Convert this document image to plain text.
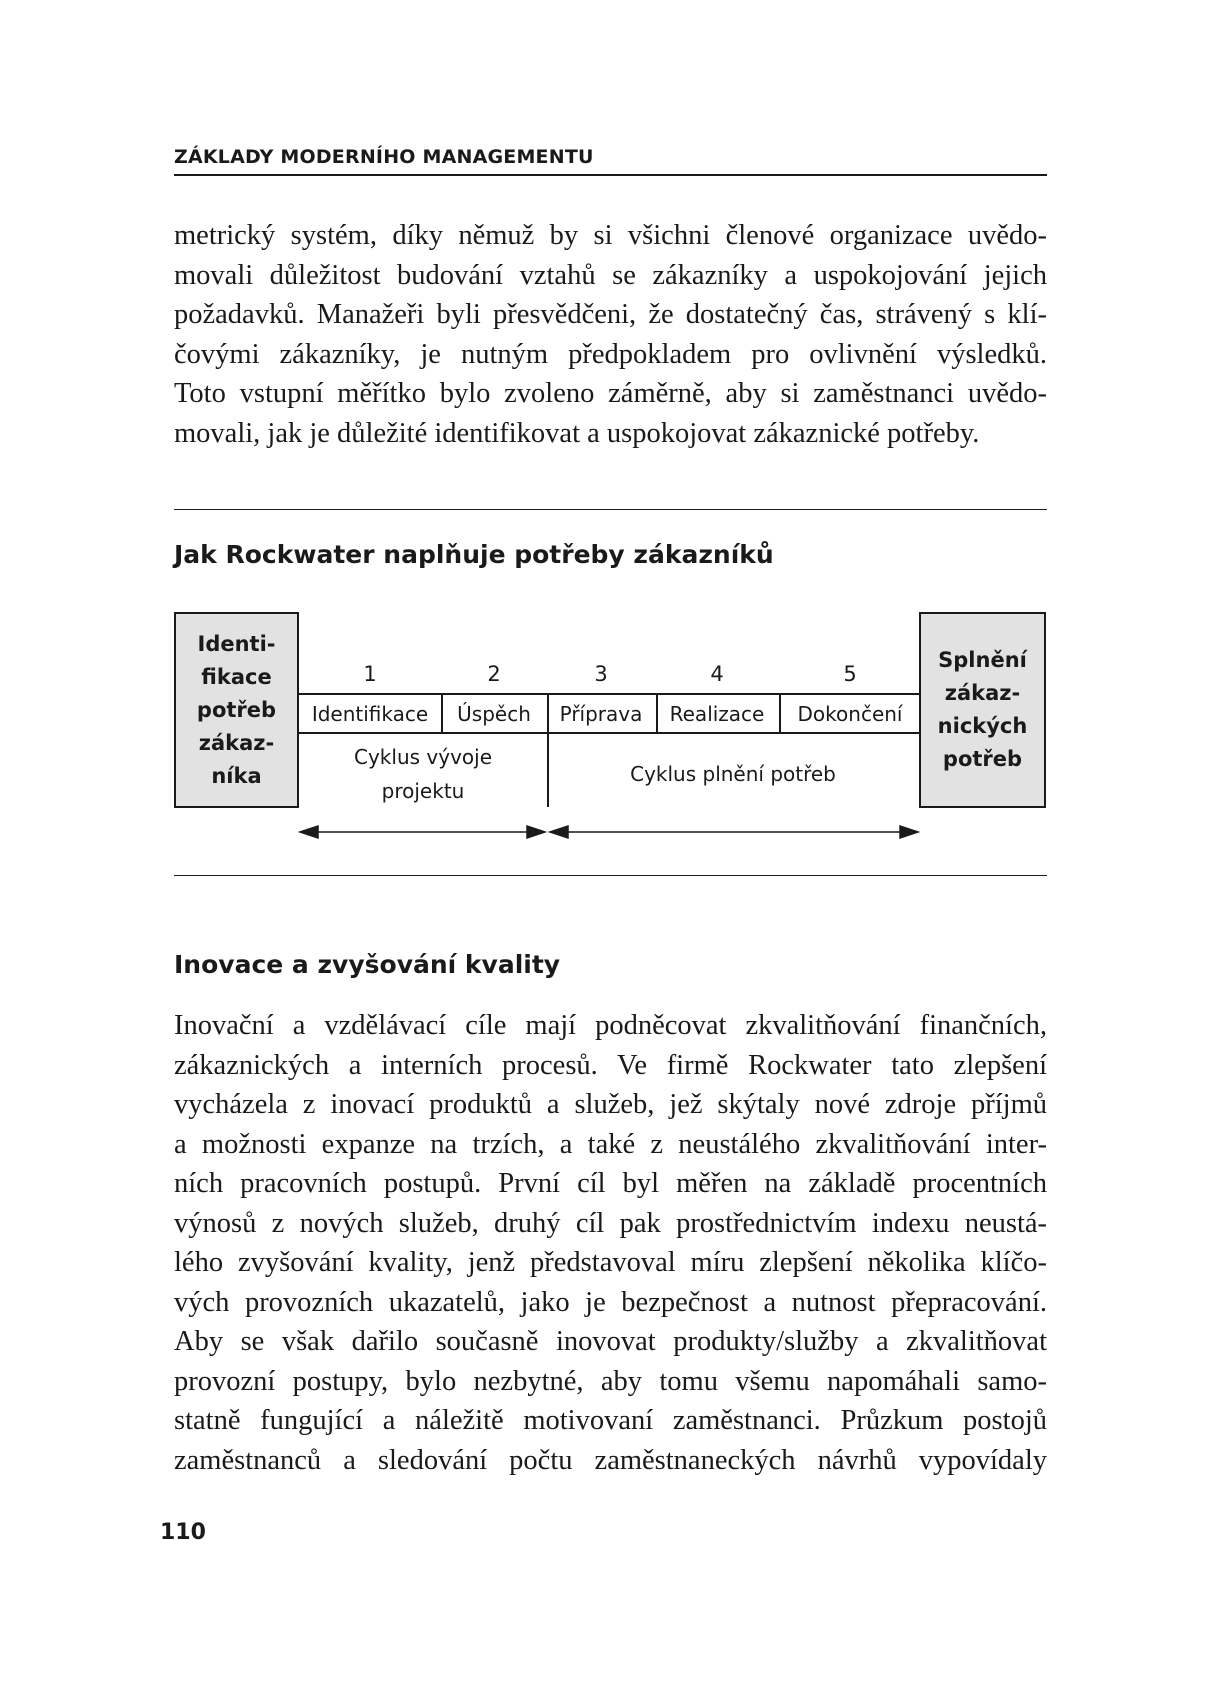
ZÁKLADY MODERNÍHO MANAGEMENTU

metrický systém, díky němuž by si všichni členové organizace uvědo-
movali důležitost budování vztahů se zákazníky a uspokojování jejich
požadavků. Manažeři byli přesvědčeni, že dostatečný čas, strávený s klí-
čovými zákazníky, je nutným předpokladem pro ovlivnění výsledků.
Toto vstupní měřítko bylo zvoleno záměrně, aby si zaměstnanci uvědo-
movali, jak je důležité identifikovat a uspokojovat zákaznické potřeby.

Jak Rockwater naplňuje potřeby zákazníků
Identi-
fikace
potřeb
zákaz-
níka
Splnění
zákaz-
nických
potřeb
1	2	3	4	5
Identifikace Úspěch Příprava Realizace Dokončení
Cyklus vývoje
projektu
Cyklus plnění potřeb
Inovace a zvyšování kvality

Inovační a vzdělávací cíle mají podněcovat zkvalitňování finančních,
zákaznických a interních procesů. Ve firmě Rockwater tato zlepšení
vycházela z inovací produktů a služeb, jež skýtaly nové zdroje příjmů
a možnosti expanze na trzích, a také z neustálého zkvalitňování inter-
ních pracovních postupů. První cíl byl měřen na základě procentních
výnosů z nových služeb, druhý cíl pak prostřednictvím indexu neustá-
lého zvyšování kvality, jenž představoval míru zlepšení několika klíčo-
vých provozních ukazatelů, jako je bezpečnost a nutnost přepracování.
Aby se však dařilo současně inovovat produkty/služby a zkvalitňovat
provozní postupy, bylo nezbytné, aby tomu všemu napomáhali samo-
statně fungující a náležitě motivovaní zaměstnanci. Průzkum postojů
zaměstnanců a sledování počtu zaměstnaneckých návrhů vypovídaly

110
